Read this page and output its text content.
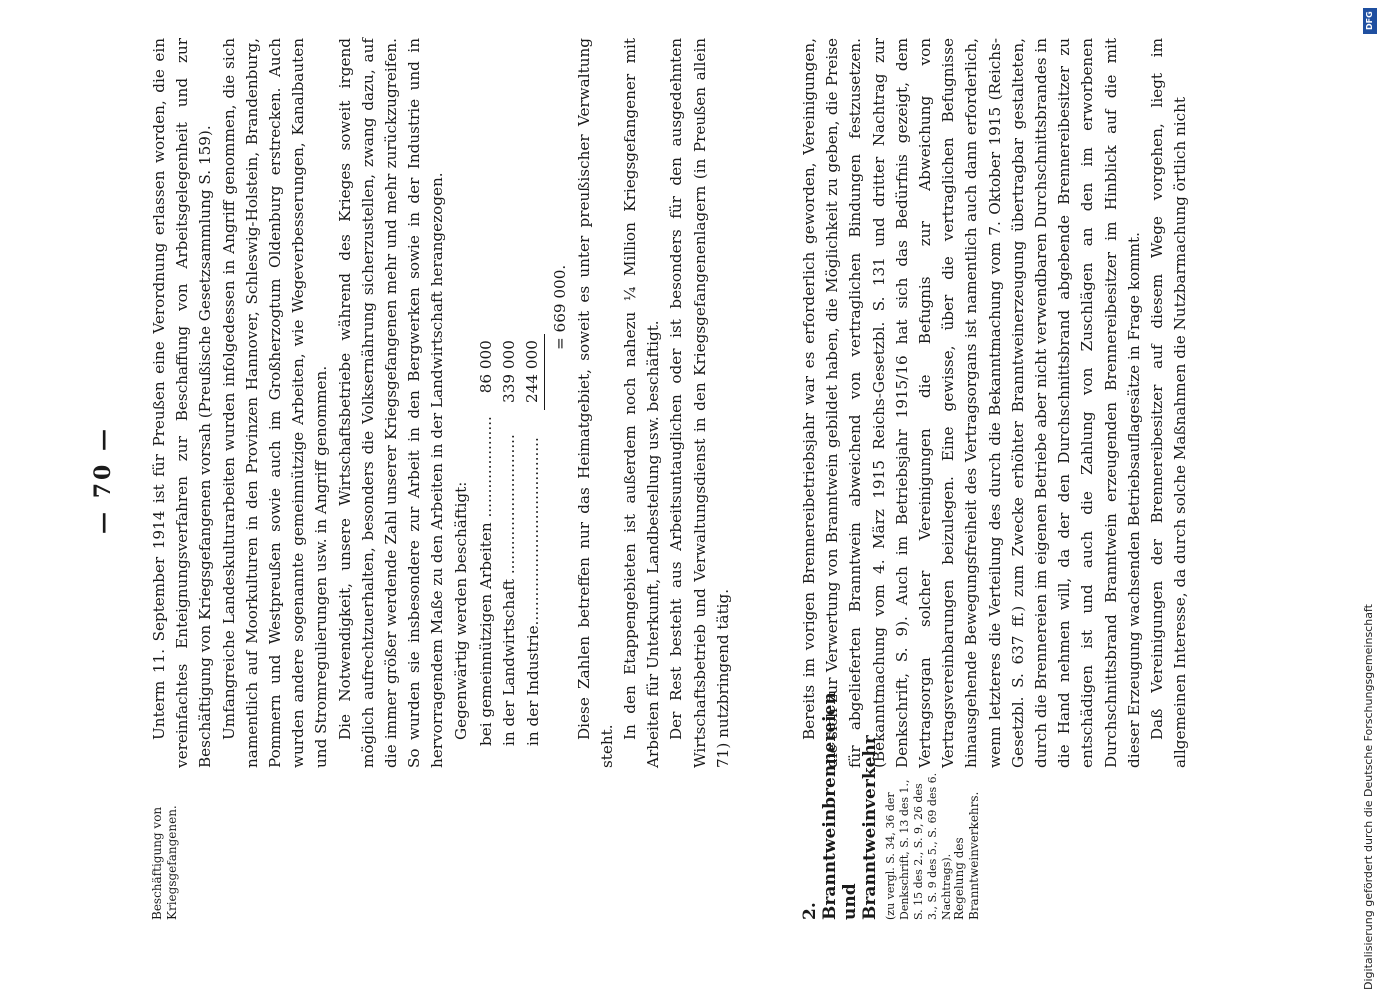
— 70 —
Beschäftigung von Kriegsgefangenen.	2. Branntweinbrennereien und Branntweinverkehr (zu vergl. S. 34, 36 der Denkschrift, S. 13 des 1., S. 15 des 2., S. 9, 26 des 3., S. 9 des 5., S. 69 des 6. Nachtrags). Regelung des Branntweinverkehrs.

Unterm 11. September 1914 ist für Preußen eine Verordnung erlassen worden, die ein vereinfachtes Enteignungsverfahren zur Beschaffung von Arbeitsgelegenheit und zur Beschäftigung von Kriegsgefangenen vorsah (Preußische Gesetzsammlung S. 159). Umfangreiche Landeskulturarbeiten wurden infolgedessen in Angriff genommen, die sich namentlich auf Moorkulturen in den Provinzen Hannover, Schleswig-Holstein, Brandenburg, Pommern und Westpreußen sowie auch im Großherzogtum Oldenburg erstrecken. Auch wurden andere sogenannte gemeinnützige Arbeiten, wie Wegeverbesserungen, Kanalbauten und Stromregulierungen usw. in Angriff genommen. Die Notwendigkeit, unsere Wirtschaftsbetriebe während des Krieges soweit irgend möglich aufrechtzuerhalten, besonders die Volksernährung sicherzustellen, zwang dazu, auf die immer größer werdende Zahl unserer Kriegsgefangenen mehr und mehr zurückzugreifen. So wurden sie insbesondere zur Arbeit in den Bergwerken sowie in der Industrie und in hervorragendem Maße zu den Arbeiten in der Landwirtschaft herangezogen. Gegenwärtig werden beschäftigt: bei gemeinnützigen Arbeiten .....................	86 000
in der Landwirtschaft .............................	339 000
in der Industrie.......................................	244 000
= 669 000. Diese Zahlen betreffen nur das Heimatgebiet, soweit es unter preußischer Verwaltung steht.

In den Etappengebieten ist außerdem noch nahezu ¼ Million Kriegsgefangener mit Arbeiten für Unterkunft, Landbestellung usw. beschäftigt. Der Rest besteht aus Arbeitsuntauglichen oder ist besonders für den ausgedehnten Wirtschaftsbetrieb und Verwaltungsdienst in den Kriegsgefangenenlagern (in Preußen allein 71) nutzbringend tätig.	Bereits im vorigen Brennereibetriebsjahr war es erforderlich geworden, Vereinigungen, die sich zur Verwertung von Branntwein gebildet haben, die Möglichkeit zu geben, die Preise für abgelieferten Branntwein abweichend von vertraglichen Bindungen festzusetzen. (Bekanntmachung vom 4. März 1915 Reichs-Gesetzbl. S. 131 und dritter Nachtrag zur Denkschrift, S. 9). Auch im Betriebsjahr 1915/16 hat sich das Bedürfnis gezeigt, dem Vertragsorgan solcher Vereinigungen die Befugnis zur Abweichung von Vertragsvereinbarungen beizulegen. Eine gewisse, über die vertraglichen Befugnisse hinausgehende Bewegungsfreiheit des Vertragsorgans ist namentlich auch dann erforderlich, wenn letzteres die Verteilung des durch die Bekanntmachung vom 7. Oktober 1915 (Reichs-Gesetzbl. S. 637 ff.) zum Zwecke erhöhter Branntweinerzeugung übertragbar gestalteten, durch die Brennereien im eigenen Betriebe aber nicht verwendbaren Durchschnittsbrandes in die Hand nehmen will, da der den Durchschnittsbrand abgebende Brennereibesitzer zu entschädigen ist und auch die Zahlung von Zuschlägen an den im erworbenen Durchschnittsbrand Branntwein erzeugenden Brennereibesitzer im Hinblick auf die mit dieser Erzeugung wachsenden Betriebsauflagesätze in Frage kommt. Daß Vereinigungen der Brennereibesitzer auf diesem Wege vorgehen, liegt im allgemeinen Interesse, da durch solche Maßnahmen die Nutzbarmachung örtlich nicht

DFG
Digitalisierung gefördert durch die Deutsche Forschungsgemeinschaft
